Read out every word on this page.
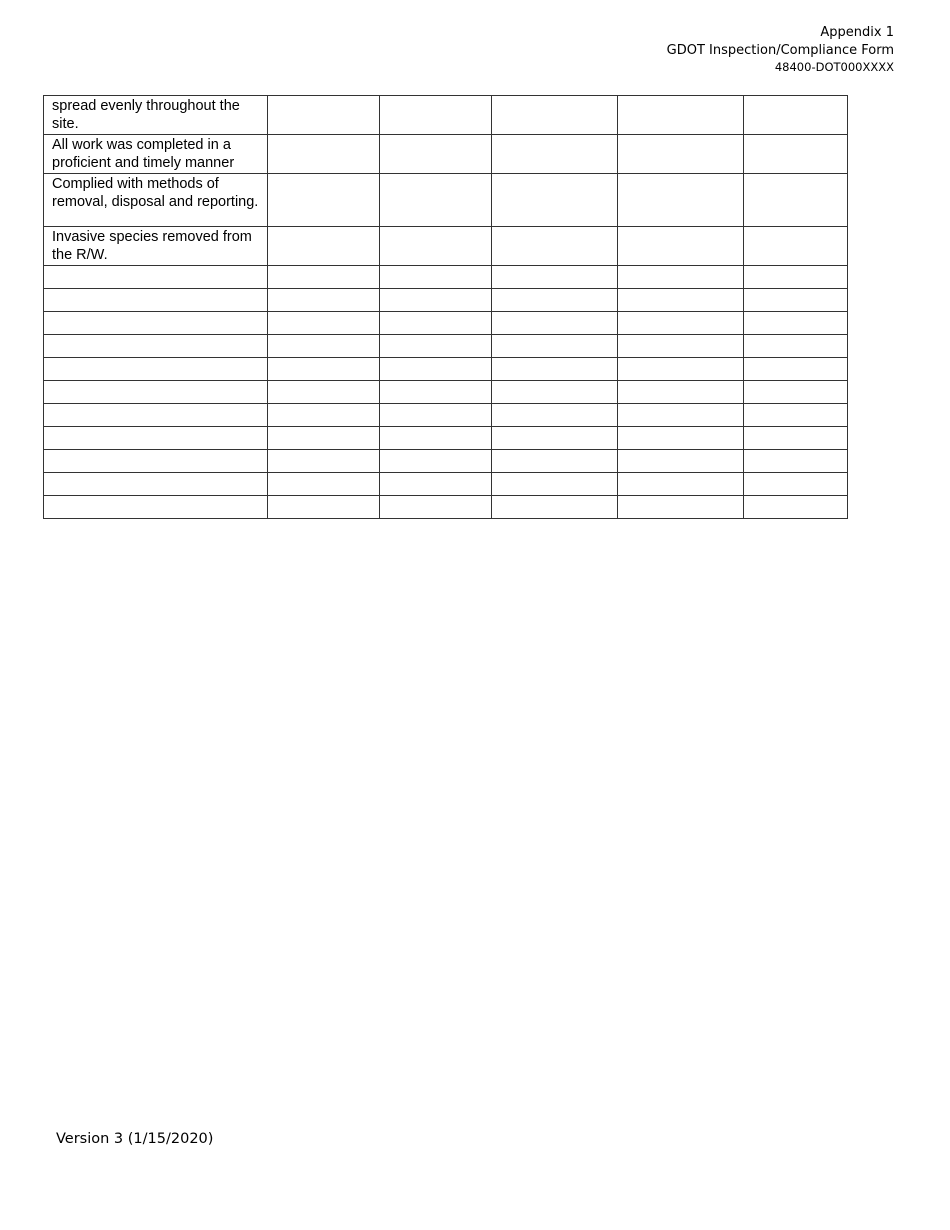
Appendix 1
GDOT Inspection/Compliance Form
48400-DOT000XXXX
spread evenly throughout the site.					
All work was completed in a proficient and timely manner					
Complied with methods of removal, disposal and reporting.					
Invasive species removed from the R/W.					

Version 3 (1/15/2020)
